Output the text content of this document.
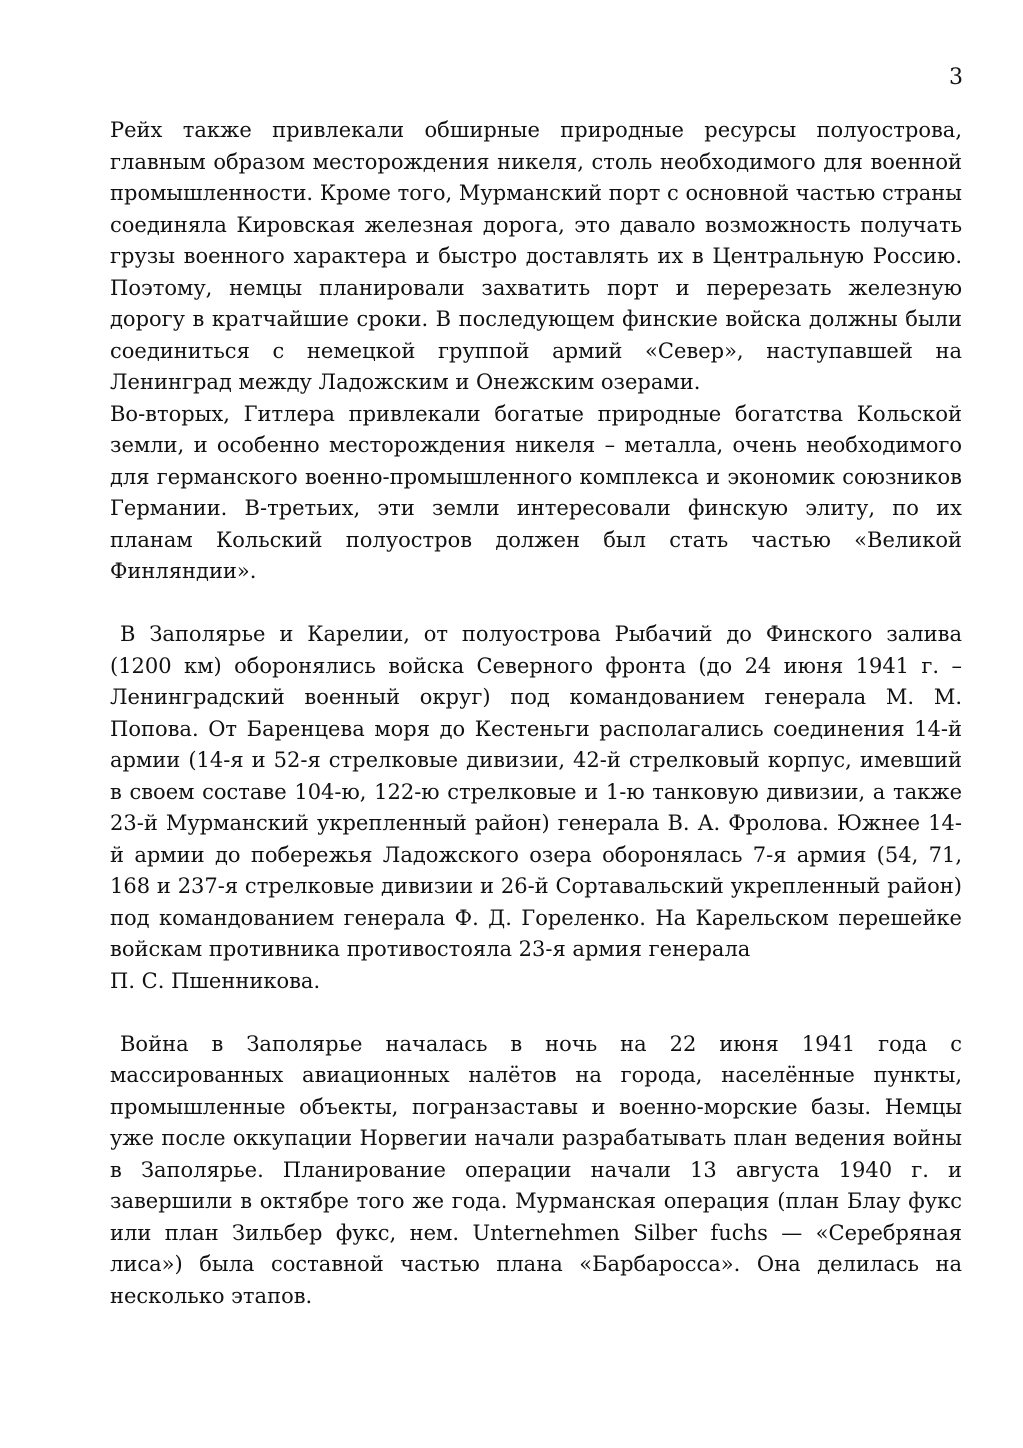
3

Рейх также привлекали обширные природные ресурсы полуострова, главным образом месторождения никеля, столь необходимого для военной промышленности. Кроме того, Мурманский порт с основной частью страны соединяла Кировская железная дорога, это давало возможность получать грузы военного характера и быстро доставлять их в Центральную Россию. Поэтому, немцы планировали захватить порт и перерезать железную дорогу в кратчайшие сроки. В последующем финские войска должны были соединиться с немецкой группой армий «Север», наступавшей на Ленинград между Ладожским и Онежским озерами.

Во-вторых, Гитлера привлекали богатые природные богатства Кольской земли, и особенно месторождения никеля – металла, очень необходимого для германского военно-промышленного комплекса и экономик союзников Германии. В-третьих, эти земли интересовали финскую элиту, по их планам Кольский полуостров должен был стать частью «Великой Финляндии».

В Заполярье и Карелии, от полуострова Рыбачий до Финского залива (1200 км) оборонялись войска Северного фронта (до 24 июня 1941 г. – Ленинградский военный округ) под командованием генерала М. М. Попова. От Баренцева моря до Кестеньги располагались соединения 14-й армии (14-я и 52-я стрелковые дивизии, 42-й стрелковый корпус, имевший в своем составе 104-ю, 122-ю стрелковые и 1-ю танковую дивизии, а также 23-й Мурманский укрепленный район) генерала В. А. Фролова. Южнее 14-й армии до побережья Ладожского озера оборонялась 7-я армия (54, 71, 168 и 237-я стрелковые дивизии и 26-й Сортавальский укрепленный район) под командованием генерала Ф. Д. Гореленко. На Карельском перешейке войскам противника противостояла 23-я армия генерала

П. С. Пшенникова.

Война в Заполярье началась в ночь на 22 июня 1941 года с массированных авиационных налётов на города, населённые пункты, промышленные объекты, погранзаставы и военно-морские базы. Немцы уже после оккупации Норвегии начали разрабатывать план ведения войны в Заполярье. Планирование операции начали 13 августа 1940 г. и завершили в октябре того же года. Мурманская операция (план Блау фукс или план Зильбер фукс, нем. Unternehmen Silber fuchs — «Серебряная лиса») была составной частью плана «Барбаросса». Она делилась на несколько этапов.
